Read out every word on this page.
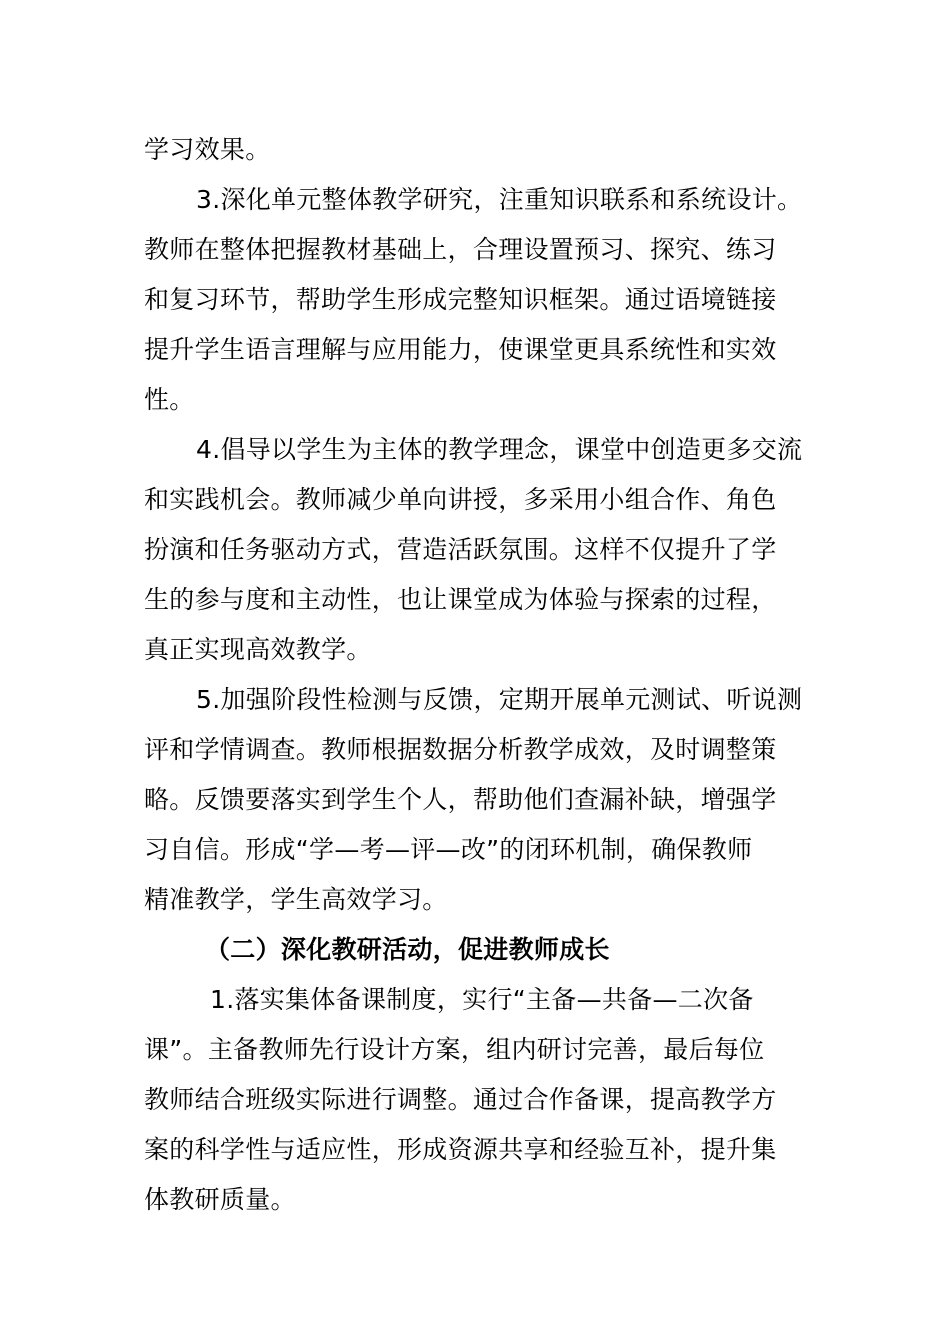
学习效果。
3.深化单元整体教学研究，注重知识联系和系统设计。
教师在整体把握教材基础上，合理设置预习、探究、练习
和复习环节，帮助学生形成完整知识框架。通过语境链接
提升学生语言理解与应用能力，使课堂更具系统性和实效
性。
4.倡导以学生为主体的教学理念，课堂中创造更多交流
和实践机会。教师减少单向讲授，多采用小组合作、角色
扮演和任务驱动方式，营造活跃氛围。这样不仅提升了学
生的参与度和主动性，也让课堂成为体验与探索的过程，
真正实现高效教学。
5.加强阶段性检测与反馈，定期开展单元测试、听说测
评和学情调查。教师根据数据分析教学成效，及时调整策
略。反馈要落实到学生个人，帮助他们查漏补缺，增强学
习自信。形成“学—考—评—改”的闭环机制，确保教师
精准教学，学生高效学习。
（二）深化教研活动，促进教师成长
1.落实集体备课制度，实行“主备—共备—二次备
课”。主备教师先行设计方案，组内研讨完善，最后每位
教师结合班级实际进行调整。通过合作备课，提高教学方
案的科学性与适应性，形成资源共享和经验互补，提升集
体教研质量。
